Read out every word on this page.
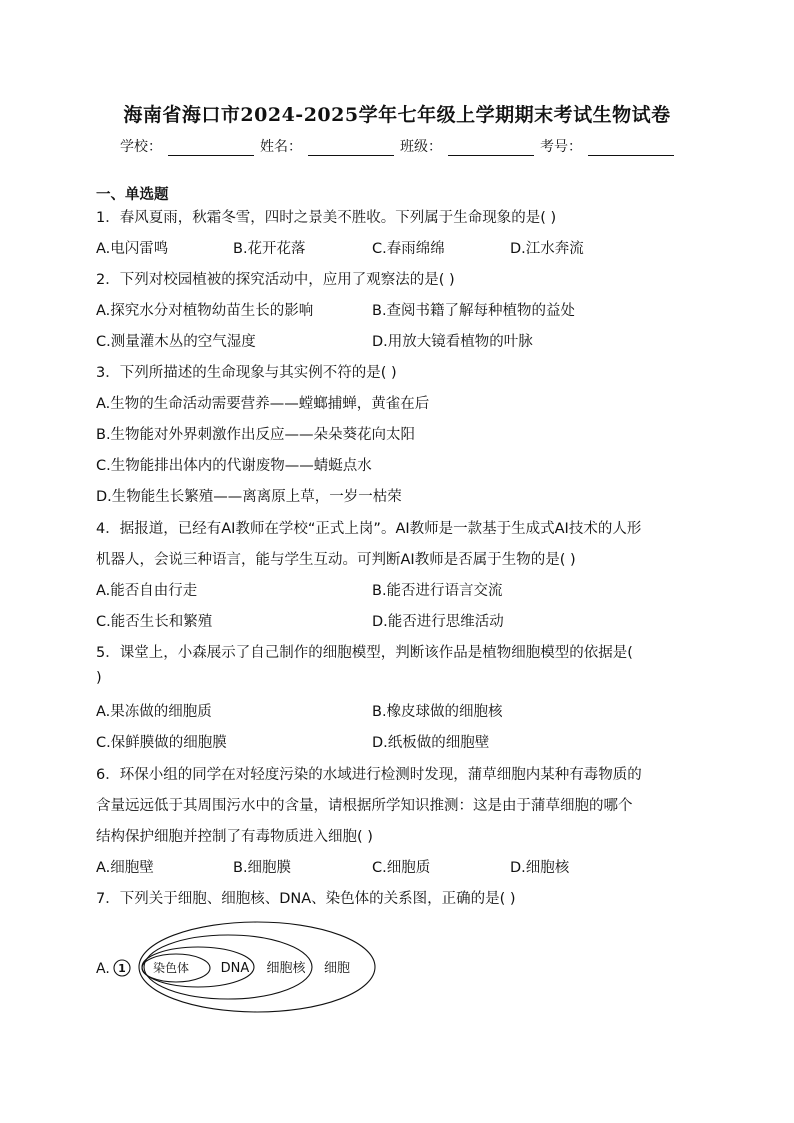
海南省海口市2024-2025学年七年级上学期期末考试生物试卷
学校：	姓名：	班级：	考号：
一、单选题
1．春风夏雨，秋霜冬雪，四时之景美不胜收。下列属于生命现象的是( )
A.电闪雷鸣	B.花开花落	C.春雨绵绵	D.江水奔流
2．下列对校园植被的探究活动中，应用了观察法的是( )
A.探究水分对植物幼苗生长的影响	B.查阅书籍了解每种植物的益处
C.测量灌木丛的空气湿度	D.用放大镜看植物的叶脉
3．下列所描述的生命现象与其实例不符的是( )
A.生物的生命活动需要营养——螳螂捕蝉，黄雀在后
B.生物能对外界刺激作出反应——朵朵葵花向太阳
C.生物能排出体内的代谢废物——蜻蜓点水
D.生物能生长繁殖——离离原上草，一岁一枯荣
4．据报道，已经有AI教师在学校“正式上岗”。AI教师是一款基于生成式AI技术的人形
机器人，会说三种语言，能与学生互动。可判断AI教师是否属于生物的是( )
A.能否自由行走	B.能否进行语言交流
C.能否生长和繁殖	D.能否进行思维活动
5．课堂上，小森展示了自己制作的细胞模型，判断该作品是植物细胞模型的依据是(
)
A.果冻做的细胞质	B.橡皮球做的细胞核
C.保鲜膜做的细胞膜	D.纸板做的细胞壁
6．环保小组的同学在对轻度污染的水域进行检测时发现，蒲草细胞内某种有毒物质的
含量远远低于其周围污水中的含量，请根据所学知识推测：这是由于蒲草细胞的哪个
结构保护细胞并控制了有毒物质进入细胞( )
A.细胞壁	B.细胞膜	C.细胞质	D.细胞核
7．下列关于细胞、细胞核、DNA、染色体的关系图，正确的是( )
A. 1 染色体 DNA 细胞核 细胞
